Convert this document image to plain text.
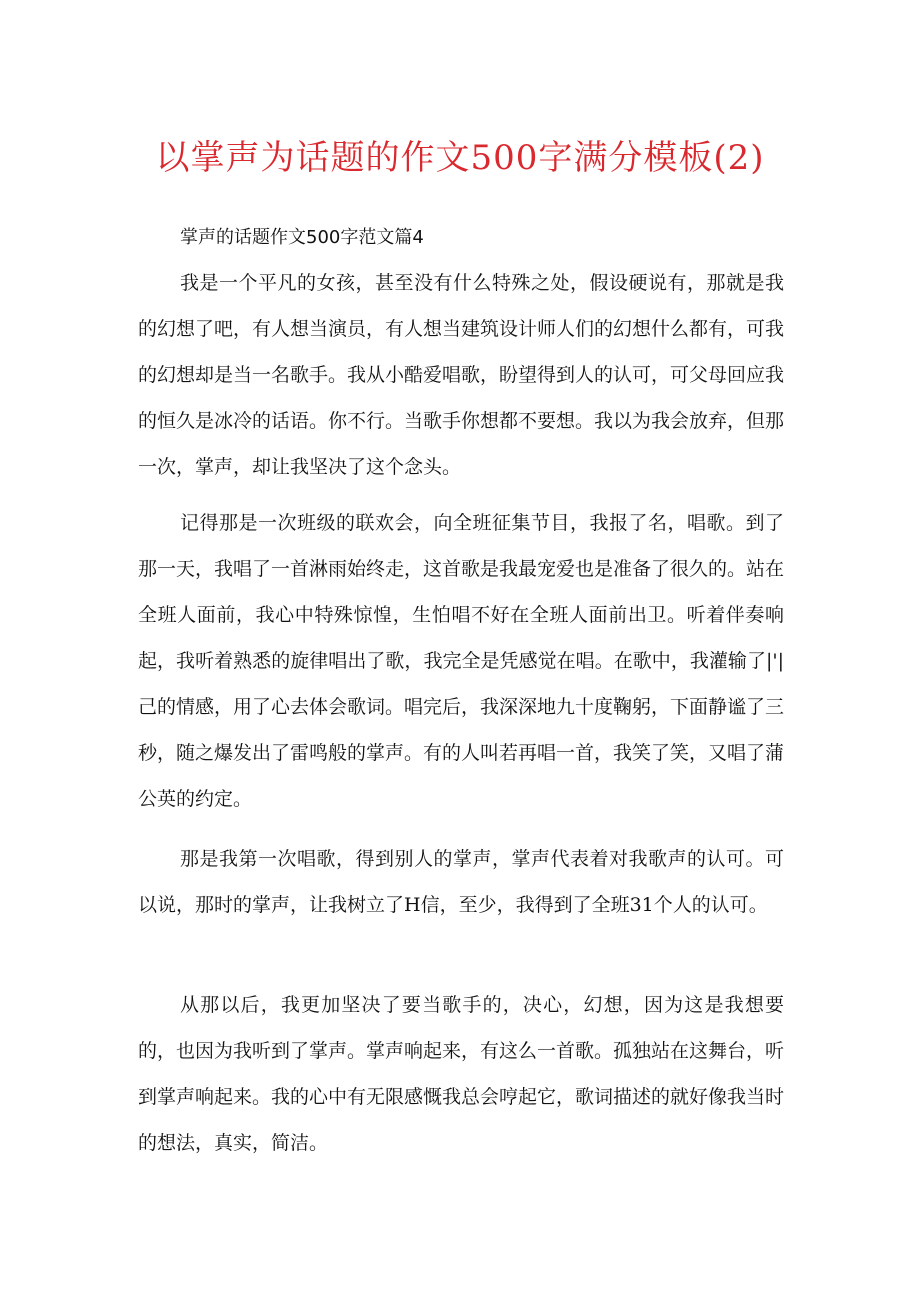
以掌声为话题的作文500字满分模板(2)

掌声的话题作文500字范文篇4

我是一个平凡的女孩，甚至没有什么特殊之处，假设硬说有，那就是我的幻想了吧，有人想当演员，有人想当建筑设计师人们的幻想什么都有，可我的幻想却是当一名歌手。我从小酷爱唱歌，盼望得到人的认可，可父母回应我的恒久是冰冷的话语。你不行。当歌手你想都不要想。我以为我会放弃，但那一次，掌声，却让我坚决了这个念头。

记得那是一次班级的联欢会，向全班征集节目，我报了名，唱歌。到了那一天，我唱了一首淋雨始终走，这首歌是我最宠爱也是准备了很久的。站在全班人面前，我心中特殊惊惶，生怕唱不好在全班人面前出卫。听着伴奏响起，我听着熟悉的旋律唱出了歌，我完全是凭感觉在唱。在歌中，我灌输了|'|己的情感，用了心去体会歌词。唱完后，我深深地九十度鞠躬，下面静谧了三秒，随之爆发出了雷鸣般的掌声。有的人叫若再唱一首，我笑了笑，又唱了蒲公英的约定。

那是我第一次唱歌，得到别人的掌声，掌声代表着对我歌声的认可。可以说，那时的掌声，让我树立了H信，至少，我得到了全班31个人的认可。

从那以后，我更加坚决了要当歌手的，决心，幻想，因为这是我想要的，也因为我听到了掌声。掌声响起来，有这么一首歌。孤独站在这舞台，听到掌声响起来。我的心中有无限感慨我总会哼起它，歌词描述的就好像我当时的想法，真实，简洁。
